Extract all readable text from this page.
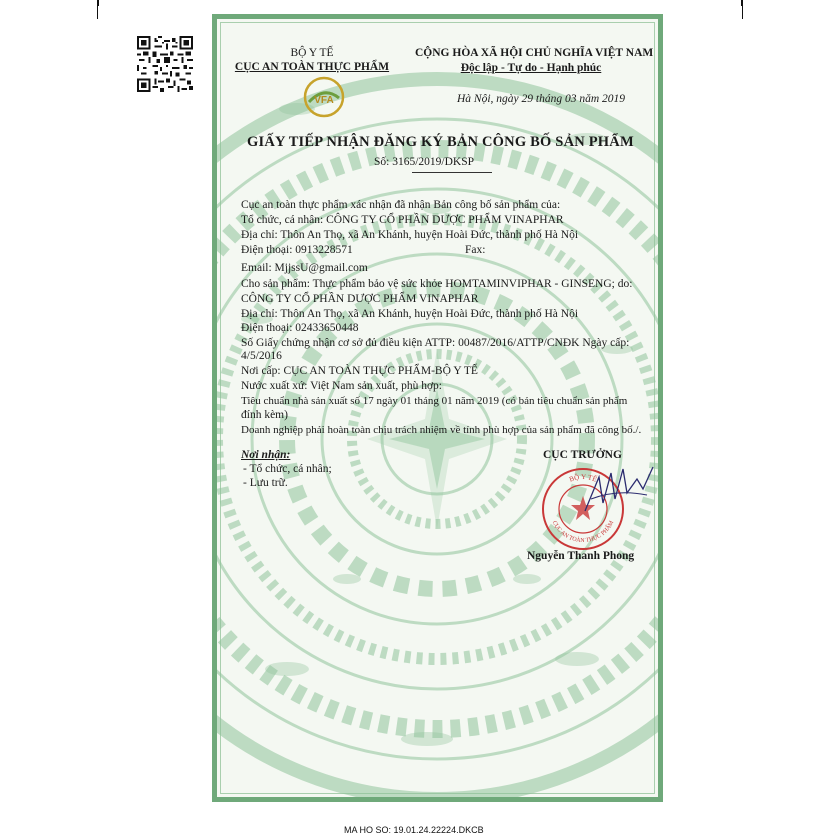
BỘ Y TẾ
CỤC AN TOÀN THỰC PHẨM
VFA
CỘNG HÒA XÃ HỘI CHỦ NGHĨA VIỆT NAM
Độc lập - Tự do - Hạnh phúc
Hà Nội, ngày 29 tháng 03 năm 2019
GIẤY TIẾP NHẬN ĐĂNG KÝ BẢN CÔNG BỐ SẢN PHẨM
Số: 3165/2019/DKSP
Cục an toàn thực phẩm xác nhận đã nhận Bản công bố sản phẩm của:
Tổ chức, cá nhân: CÔNG TY CỔ PHẦN DƯỢC PHẨM VINAPHAR
Địa chỉ: Thôn An Thọ, xã An Khánh, huyện Hoài Đức, thành phố Hà Nội
Điện thoại: 0913228571	Fax:
Email: MjjssU@gmail.com
Cho sản phẩm: Thực phẩm bảo vệ sức khỏe HOMTAMINVIPHAR - GINSENG; do:
CÔNG TY CỔ PHẦN DƯỢC PHẨM VINAPHAR
Địa chỉ: Thôn An Thọ, xã An Khánh, huyện Hoài Đức, thành phố Hà Nội
Điện thoại: 02433650448
Số Giấy chứng nhận cơ sở đủ điều kiện ATTP: 00487/2016/ATTP/CNĐK Ngày cấp:
4/5/2016
Nơi cấp: CỤC AN TOÀN THỰC PHẨM-BỘ Y TẾ
Nước xuất xứ: Việt Nam sản xuất, phù hợp:
Tiêu chuẩn nhà sản xuất số 17 ngày 01 tháng 01 năm 2019 (có bản tiêu chuẩn sản phẩm
đính kèm)
Doanh nghiệp phải hoàn toàn chịu trách nhiệm về tính phù hợp của sản phẩm đã công bố./.
Nơi nhận:
- Tổ chức, cá nhân;
- Lưu trữ.
CỤC TRƯỞNG
BỘ Y TẾ
CỤC AN TOÀN THỰC PHẨM
Nguyễn Thanh Phong
MA HO SO: 19.01.24.22224.DKCB
